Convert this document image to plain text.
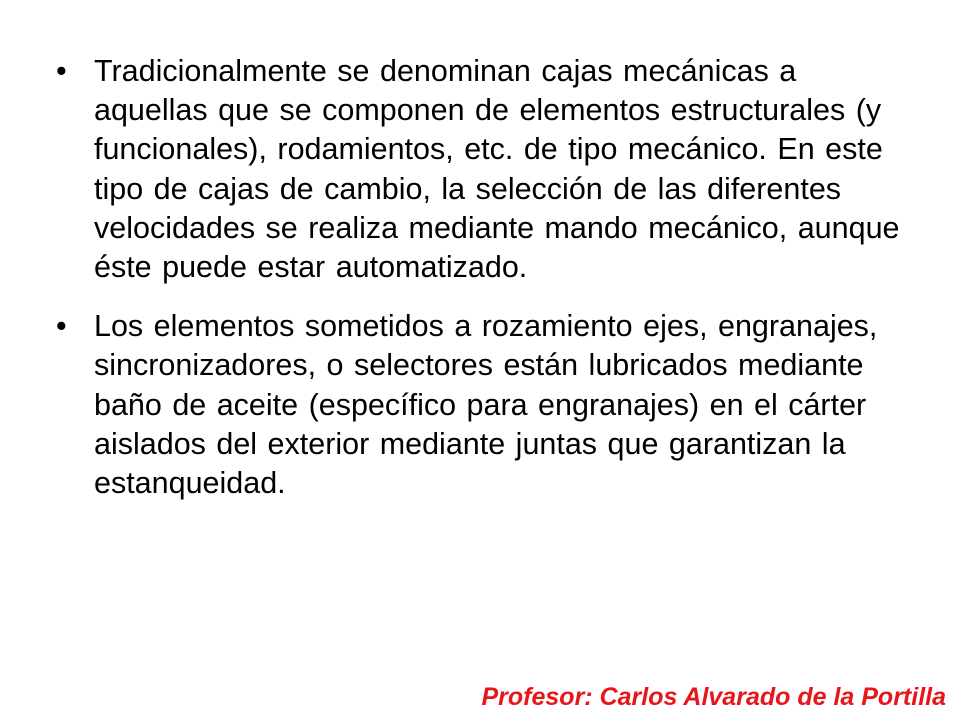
• Tradicionalmente se denominan cajas mecánicas a aquellas que se componen de elementos estructurales (y funcionales), rodamientos, etc. de tipo mecánico. En este tipo de cajas de cambio, la selección de las diferentes velocidades se realiza mediante mando mecánico, aunque éste puede estar automatizado.
• Los elementos sometidos a rozamiento ejes, engranajes, sincronizadores, o selectores están lubricados mediante baño de aceite (específico para engranajes) en el cárter aislados del exterior mediante juntas que garantizan la estanqueidad.
Profesor: Carlos Alvarado de la Portilla
